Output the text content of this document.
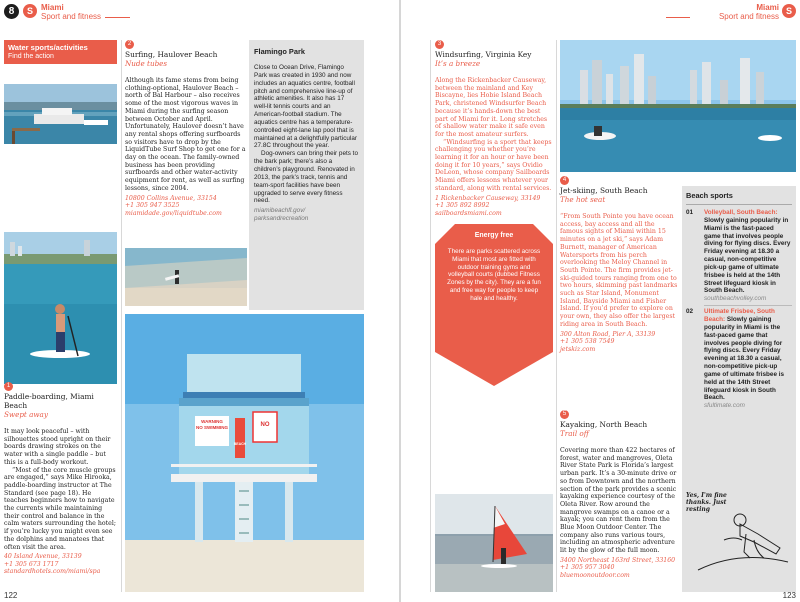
8	S	Miami
Sport and fitness
Miami
Sport and fitness
S
Water sports/activities
Find the action
1
Paddle-boarding, Miami Beach
Swept away

It may look peaceful – with silhouettes stood upright on their boards drawing strokes on the water with a single paddle – but this is a full-body workout.

“Most of the core muscle groups are engaged,” says Mike Hirooka, paddle-boarding instructor at The Standard (see page 18). He teaches beginners how to navigate the currents while maintaining their control and balance in the calm waters surrounding the hotel; if you’re lucky you might even see the dolphins and manatees that often visit the area.

40 Island Avenue, 33139
+1 305 673 1717
standardhotels.com/miami/spa
2
Surfing, Haulover Beach
Nude tubes

Although its fame stems from being clothing-optional, Haulover Beach – north of Bal Harbour – also receives some of the most vigorous waves in Miami during the surfing season between October and April. Unfortunately, Haulover doesn’t have any rental shops offering surfboards so visitors have to drop by the LiquidTube Surf Shop to get one for a day on the ocean. The family-owned business has been providing surfboards and other water-activity equipment for rent, as well as surfing lessons, since 2004.

10800 Collins Avenue, 33154
+1 305 947 3525
miamidade.gov/liquidtube.com
Flamingo Park

Close to Ocean Drive, Flamingo Park was created in 1930 and now includes an aquatics centre, football pitch and comprehensive line-up of athletic amenities. It also has 17 well-lit tennis courts and an American-football stadium. The aquatics centre has a temperature-controlled eight-lane lap pool that is maintained at a delightfully particular 27.8C throughout the year.

Dog-owners can bring their pets to the bark park; there’s also a children’s playground. Renovated in 2013, the park’s track, tennis and team-sport facilities have been upgraded to serve every fitness need.

miamibeachfl.gov/
parksandrecreation
WARNING
NO SWIMMING	NO
BEACH
3
Windsurfing, Virginia Key
It’s a breeze

Along the Rickenbacker Causeway, between the mainland and Key Biscayne, lies Hobie Island Beach Park, christened Windsurfer Beach because it’s hands-down the best part of Miami for it. Long stretches of shallow water make it safe even for the most amateur surfers.

“Windsurfing is a sport that keeps challenging you whether you’re learning it for an hour or have been doing it for 10 years,” says Ovidio DeLeon, whose company Sailboards Miami offers lessons whatever your standard, along with rental services.

1 Rickenbacker Causeway, 33149
+1 305 892 8992
sailboardsmiami.com
Energy free
There are parks scattered across Miami that most are fitted with outdoor training gyms and volleyball courts (dubbed Fitness Zones by the city). They are a fun and free way for people to keep hale and healthy.
4
Jet-skiing, South Beach
The hot seat

“From South Pointe you have ocean access, bay access and all the famous sights of Miami within 15 minutes on a jet ski,” says Adam Burnett, manager of American Watersports from his perch overlooking the Meloy Channel in South Pointe. The firm provides jet-ski-guided tours ranging from one to two hours, skimming past landmarks such as Star Island, Monument Island, Bayside Miami and Fisher Island. If you’d prefer to explore on your own, they also offer the largest riding area in South Beach.

300 Alton Road, Pier A, 33139
+1 305 538 7549
jetskiz.com
5
Kayaking, North Beach
Trail off

Covering more than 422 hectares of forest, water and mangroves, Oleta River State Park is Florida’s largest urban park. It’s a 30-minute drive or so from Downtown and the northern section of the park provides a scenic kayaking experience courtesy of the Oleta River. Row around the mangrove swamps on a canoe or a kayak; you can rent them from the Blue Moon Outdoor Center. The company also runs various tours, including an atmospheric adventure lit by the glow of the full moon.

3400 Northeast 163rd Street, 33160
+1 305 957 3040
bluemoonoutdoor.com
Beach sports
01 Volleyball, South Beach: Slowly gaining popularity in Miami is the fast-paced game that involves people diving for flying discs. Every Friday evening at 18.30 a casual, non-competitive pick-up game of ultimate frisbee is held at the 14th Street lifeguard kiosk in South Beach.
southbeachvolley.com
02 Ultimate Frisbee, South Beach: Slowly gaining popularity in Miami is the fast-paced game that involves people diving for flying discs. Every Friday evening at 18.30 a casual, non-competitive pick-up game of ultimate frisbee is held at the 14th Street lifeguard kiosk in South Beach.
sfultimate.com
Yes, I'm fine thanks. Just resting
122	123
